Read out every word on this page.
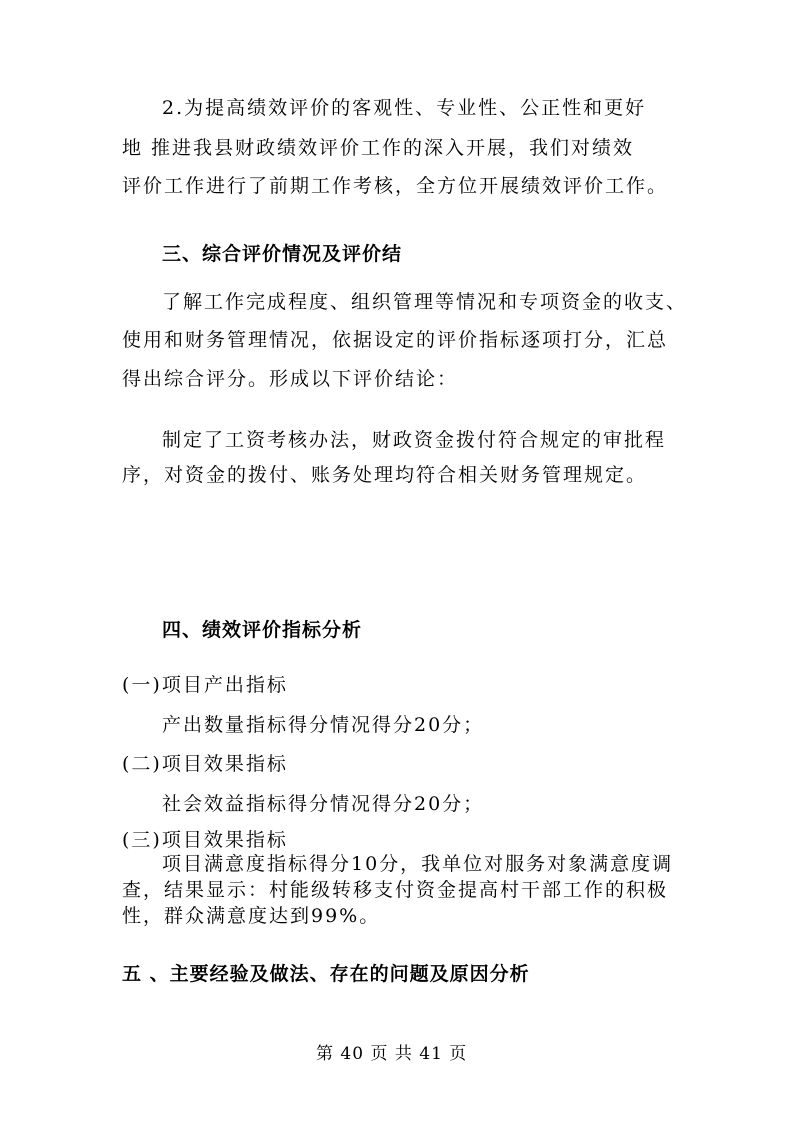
2.为提高绩效评价的客观性、专业性、公正性和更好
地 推进我县财政绩效评价工作的深入开展，我们对绩效
评价工作进行了前期工作考核，全方位开展绩效评价工作。
三、综合评价情况及评价结
了解工作完成程度、组织管理等情况和专项资金的收支、
使用和财务管理情况，依据设定的评价指标逐项打分，汇总
得出综合评分。形成以下评价结论：
制定了工资考核办法，财政资金拨付符合规定的审批程
序，对资金的拨付、账务处理均符合相关财务管理规定。
四、绩效评价指标分析
(一)项目产出指标
产出数量指标得分情况得分20分；
(二)项目效果指标
社会效益指标得分情况得分20分；
(三)项目效果指标
项目满意度指标得分10分，我单位对服务对象满意度调
查，结果显示：村能级转移支付资金提高村干部工作的积极
性，群众满意度达到99%。
五 、主要经验及做法、存在的问题及原因分析
第 40 页 共 41 页
